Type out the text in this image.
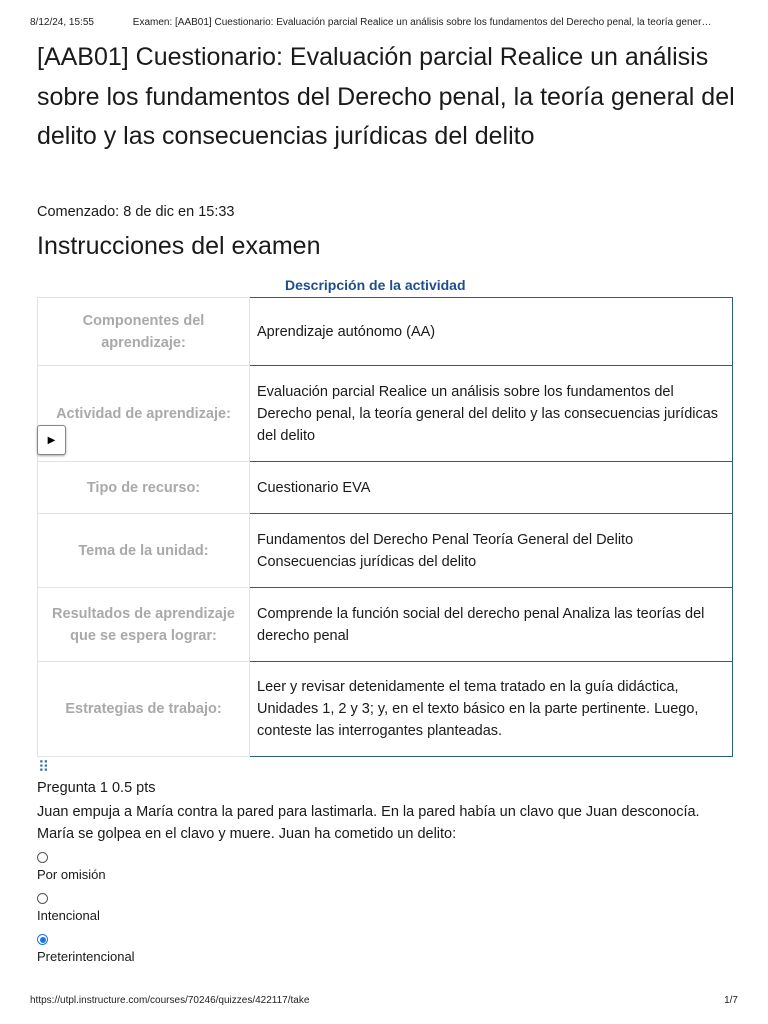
8/12/24, 15:55	Examen: [AAB01] Cuestionario: Evaluación parcial Realice un análisis sobre los fundamentos del Derecho penal, la teoría gener…
[AAB01] Cuestionario: Evaluación parcial Realice un análisis sobre los fundamentos del Derecho penal, la teoría general del delito y las consecuencias jurídicas del delito
Comenzado: 8 de dic en 15:33
Instrucciones del examen
Descripción de la actividad
Componentes del aprendizaje:	Aprendizaje autónomo (AA)
Actividad de aprendizaje:	Evaluación parcial Realice un análisis sobre los fundamentos del Derecho penal, la teoría general del delito y las consecuencias jurídicas del delito
Tipo de recurso:	Cuestionario EVA
Tema de la unidad:	Fundamentos del Derecho Penal Teoría General del Delito Consecuencias jurídicas del delito
Resultados de aprendizaje que se espera lograr:	Comprende la función social del derecho penal Analiza las teorías del derecho penal
Estrategias de trabajo:	Leer y revisar detenidamente el tema tratado en la guía didáctica, Unidades 1, 2 y 3; y, en el texto básico en la parte pertinente. Luego, conteste las interrogantes planteadas.
▶
⠿
Pregunta 1 0.5 pts

Juan empuja a María contra la pared para lastimarla. En la pared había un clavo que Juan desconocía. María se golpea en el clavo y muere. Juan ha cometido un delito:

Por omisión
Intencional
Preterintencional
https://utpl.instructure.com/courses/70246/quizzes/422117/take	1/7
